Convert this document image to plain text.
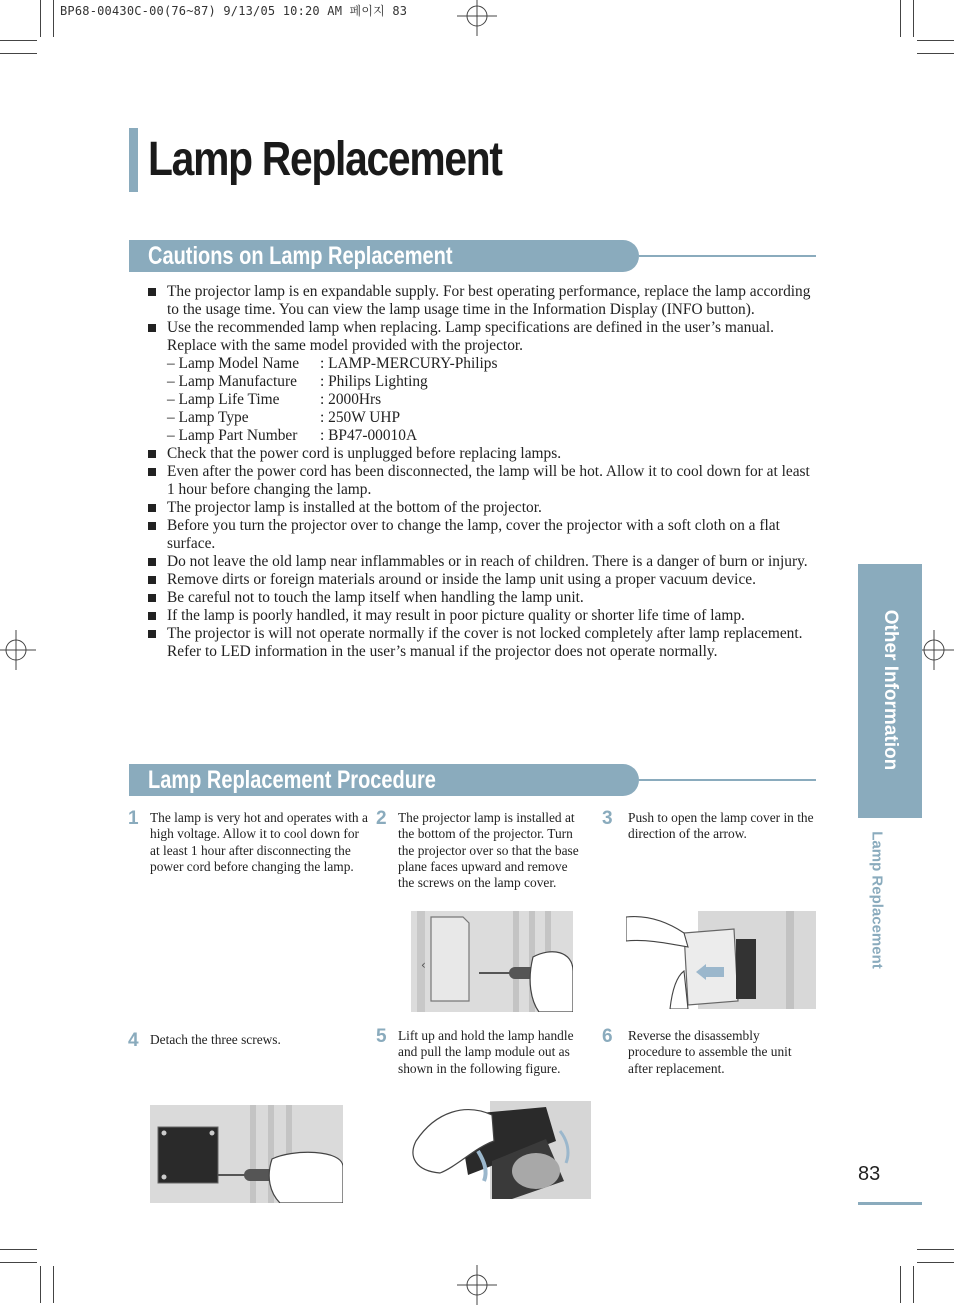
BP68-00430C-00(76~87) 9/13/05 10:20 AM 페이지 83
Lamp Replacement
Cautions on Lamp Replacement
The projector lamp is en expandable supply. For best operating performance, replace the lamp according to the usage time. You can view the lamp usage time in the Information Display (INFO button).
Use the recommended lamp when replacing. Lamp specifications are defined in the user’s manual. Replace with the same model provided with the projector.
– Lamp Model Name : LAMP-MERCURY-Philips
– Lamp Manufacture : Philips Lighting
– Lamp Life Time	: 2000Hrs
– Lamp Type	: 250W UHP
– Lamp Part Number : BP47-00010A
Check that the power cord is unplugged before replacing lamps.
Even after the power cord has been disconnected, the lamp will be hot. Allow it to cool down for at least 1 hour before changing the lamp.
The projector lamp is installed at the bottom of the projector.
Before you turn the projector over to change the lamp, cover the projector with a soft cloth on a flat surface.
Do not leave the old lamp near inflammables or in reach of children. There is a danger of burn or injury.
Remove dirts or foreign materials around or inside the lamp unit using a proper vacuum device.
Be careful not to touch the lamp itself when handling the lamp unit.
If the lamp is poorly handled, it may result in poor picture quality or shorter life time of lamp.
The projector is will not operate normally if the cover is not locked completely after lamp replacement. Refer to LED information in the user’s manual if the projector does not operate normally.
Lamp Replacement Procedure
1 The lamp is very hot and operates with a high voltage. Allow it to cool down for at least 1 hour after disconnecting the power cord before changing the lamp.
2 The projector lamp is installed at the bottom of the projector. Turn the projector over so that the base plane faces upward and remove the screws on the lamp cover.
3 Push to open the lamp cover in the direction of the arrow.
4 Detach the three screws.	5 Lift up and hold the lamp handle and pull the lamp module out as shown in the following figure.
6 Reverse the disassembly procedure to assemble the unit after replacement.
‹
Other Information
Lamp Replacement
83
